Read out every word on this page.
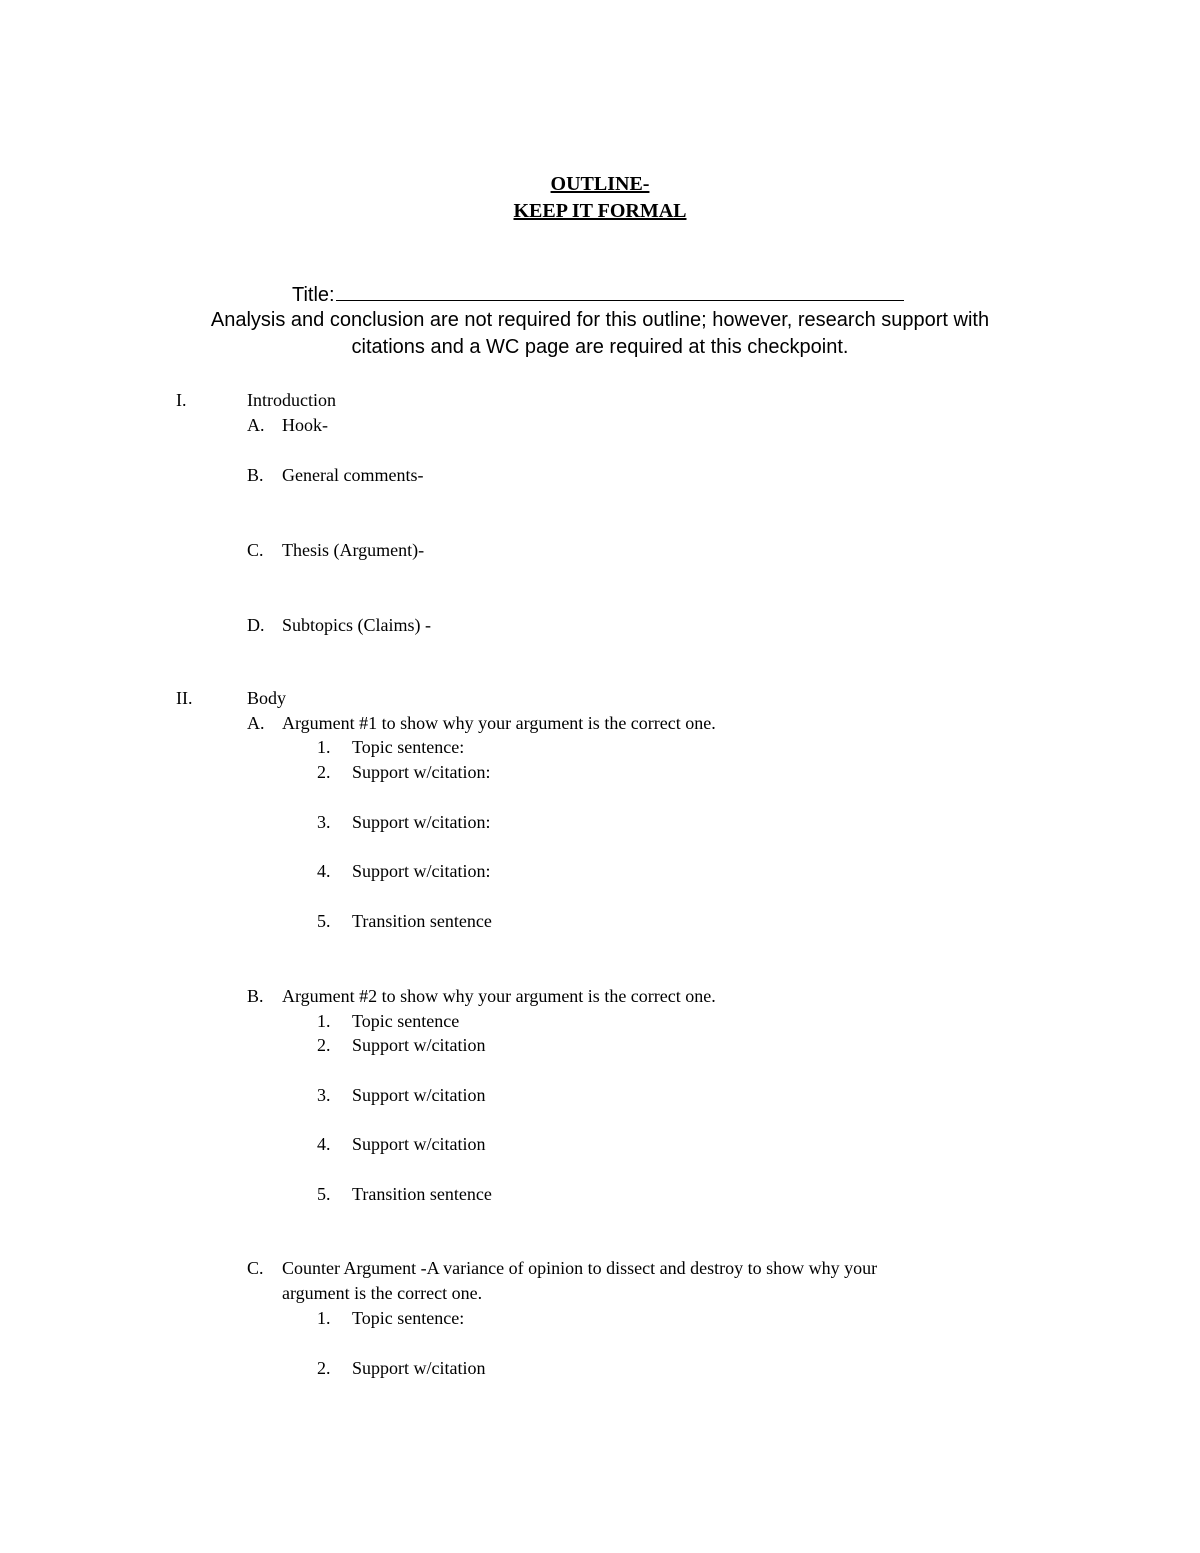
OUTLINE-
KEEP IT FORMAL
Title:
Analysis and conclusion are not required for this outline; however, research support with
citations and a WC page are required at this checkpoint.
I.	Introduction
A. Hook-
B. General comments-
C. Thesis (Argument)-
D. Subtopics (Claims) -
II.	Body
A. Argument #1 to show why your argument is the correct one.
1. Topic sentence:
2. Support w/citation:
3. Support w/citation:
4. Support w/citation:
5. Transition sentence
B. Argument #2 to show why your argument is the correct one.
1. Topic sentence
2. Support w/citation
3. Support w/citation
4. Support w/citation
5. Transition sentence
C. Counter Argument -A variance of opinion to dissect and destroy to show why your
argument is the correct one.
1. Topic sentence:
2. Support w/citation
